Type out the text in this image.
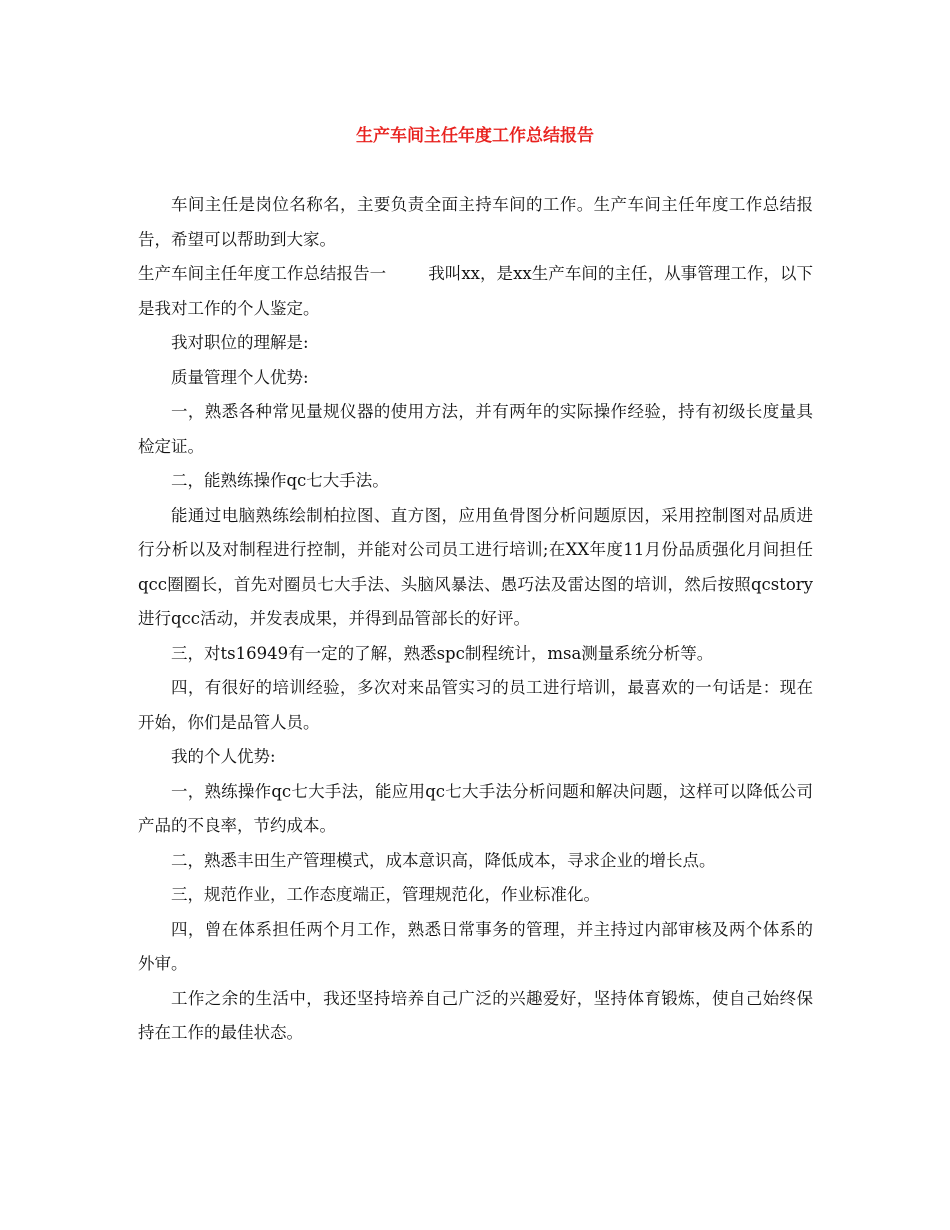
生产车间主任年度工作总结报告

车间主任是岗位名称名，主要负责全面主持车间的工作。生产车间主任年度工作总结报告，希望可以帮助到大家。

生产车间主任年度工作总结报告一	我叫xx，是xx生产车间的主任，从事管理工作，以下是我对工作的个人鉴定。

我对职位的理解是:

质量管理个人优势:

一，熟悉各种常见量规仪器的使用方法，并有两年的实际操作经验，持有初级长度量具检定证。

二，能熟练操作qc七大手法。

能通过电脑熟练绘制柏拉图、直方图，应用鱼骨图分析问题原因，采用控制图对品质进行分析以及对制程进行控制，并能对公司员工进行培训;在XX年度11月份品质强化月间担任qcc圈圈长，首先对圈员七大手法、头脑风暴法、愚巧法及雷达图的培训，然后按照qcstory进行qcc活动，并发表成果，并得到品管部长的好评。

三，对ts16949有一定的了解，熟悉spc制程统计，msa测量系统分析等。

四，有很好的培训经验，多次对来品管实习的员工进行培训，最喜欢的一句话是：现在开始，你们是品管人员。

我的个人优势:

一，熟练操作qc七大手法，能应用qc七大手法分析问题和解决问题，这样可以降低公司产品的不良率，节约成本。

二，熟悉丰田生产管理模式，成本意识高，降低成本，寻求企业的增长点。

三，规范作业，工作态度端正，管理规范化，作业标准化。

四，曾在体系担任两个月工作，熟悉日常事务的管理，并主持过内部审核及两个体系的外审。

工作之余的生活中，我还坚持培养自己广泛的兴趣爱好，坚持体育锻炼，使自己始终保持在工作的最佳状态。
